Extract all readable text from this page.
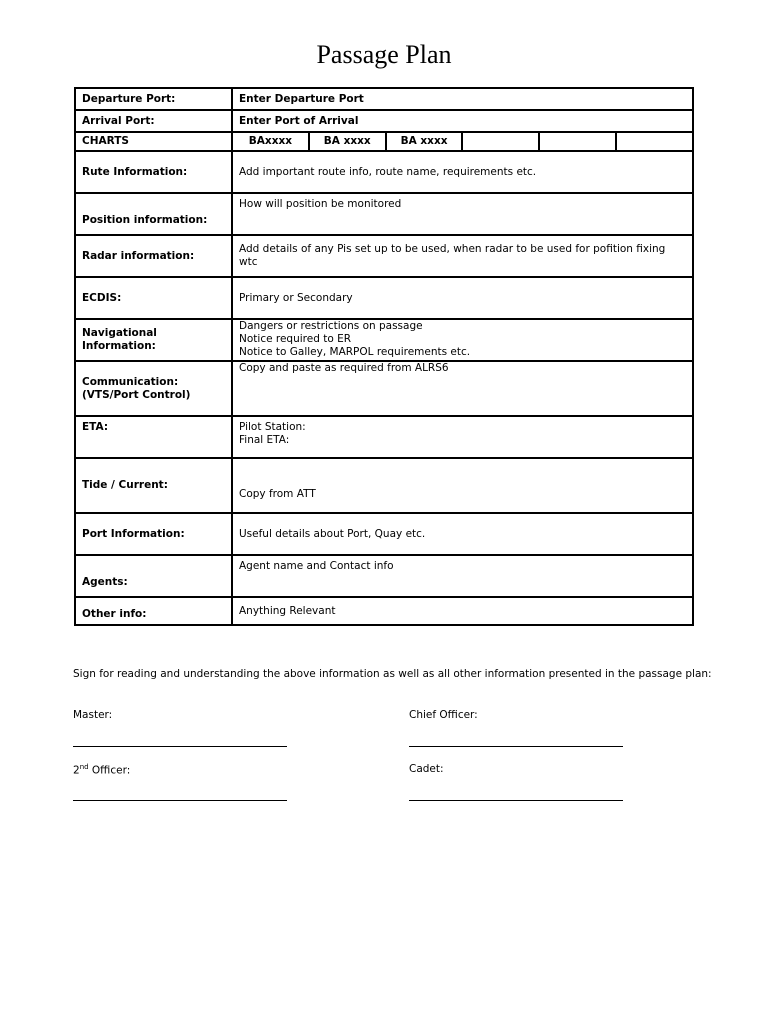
Passage Plan
Departure Port:	Enter Departure Port					
Arrival Port:	Enter Port of Arrival					
CHARTS	BAxxxx	BA xxxx	BA xxxx			
Rute Information:	Add important route info, route name, requirements etc.					
Position information:	How will position be monitored					
Radar information:	Add details of any Pis set up to be used, when radar to be used for pofition fixing wtc					
ECDIS:	Primary or Secondary					
Navigational Information:	Dangers or restrictions on passage
Notice required to ER
Notice to Galley, MARPOL requirements etc.					

Communication:
(VTS/Port Control)	Copy and paste as required from ALRS6					
ETA:	Pilot Station:
Final ETA:					

Tide / Current:	Copy from ATT					
Port Information:	Useful details about Port, Quay etc.					
Agents:	Agent name and Contact info					
Other info:	Anything Relevant					
Sign for reading and understanding the above information as well as all other information presented in the passage plan:
Master:	Chief Officer:
2nd Officer:	Cadet:
